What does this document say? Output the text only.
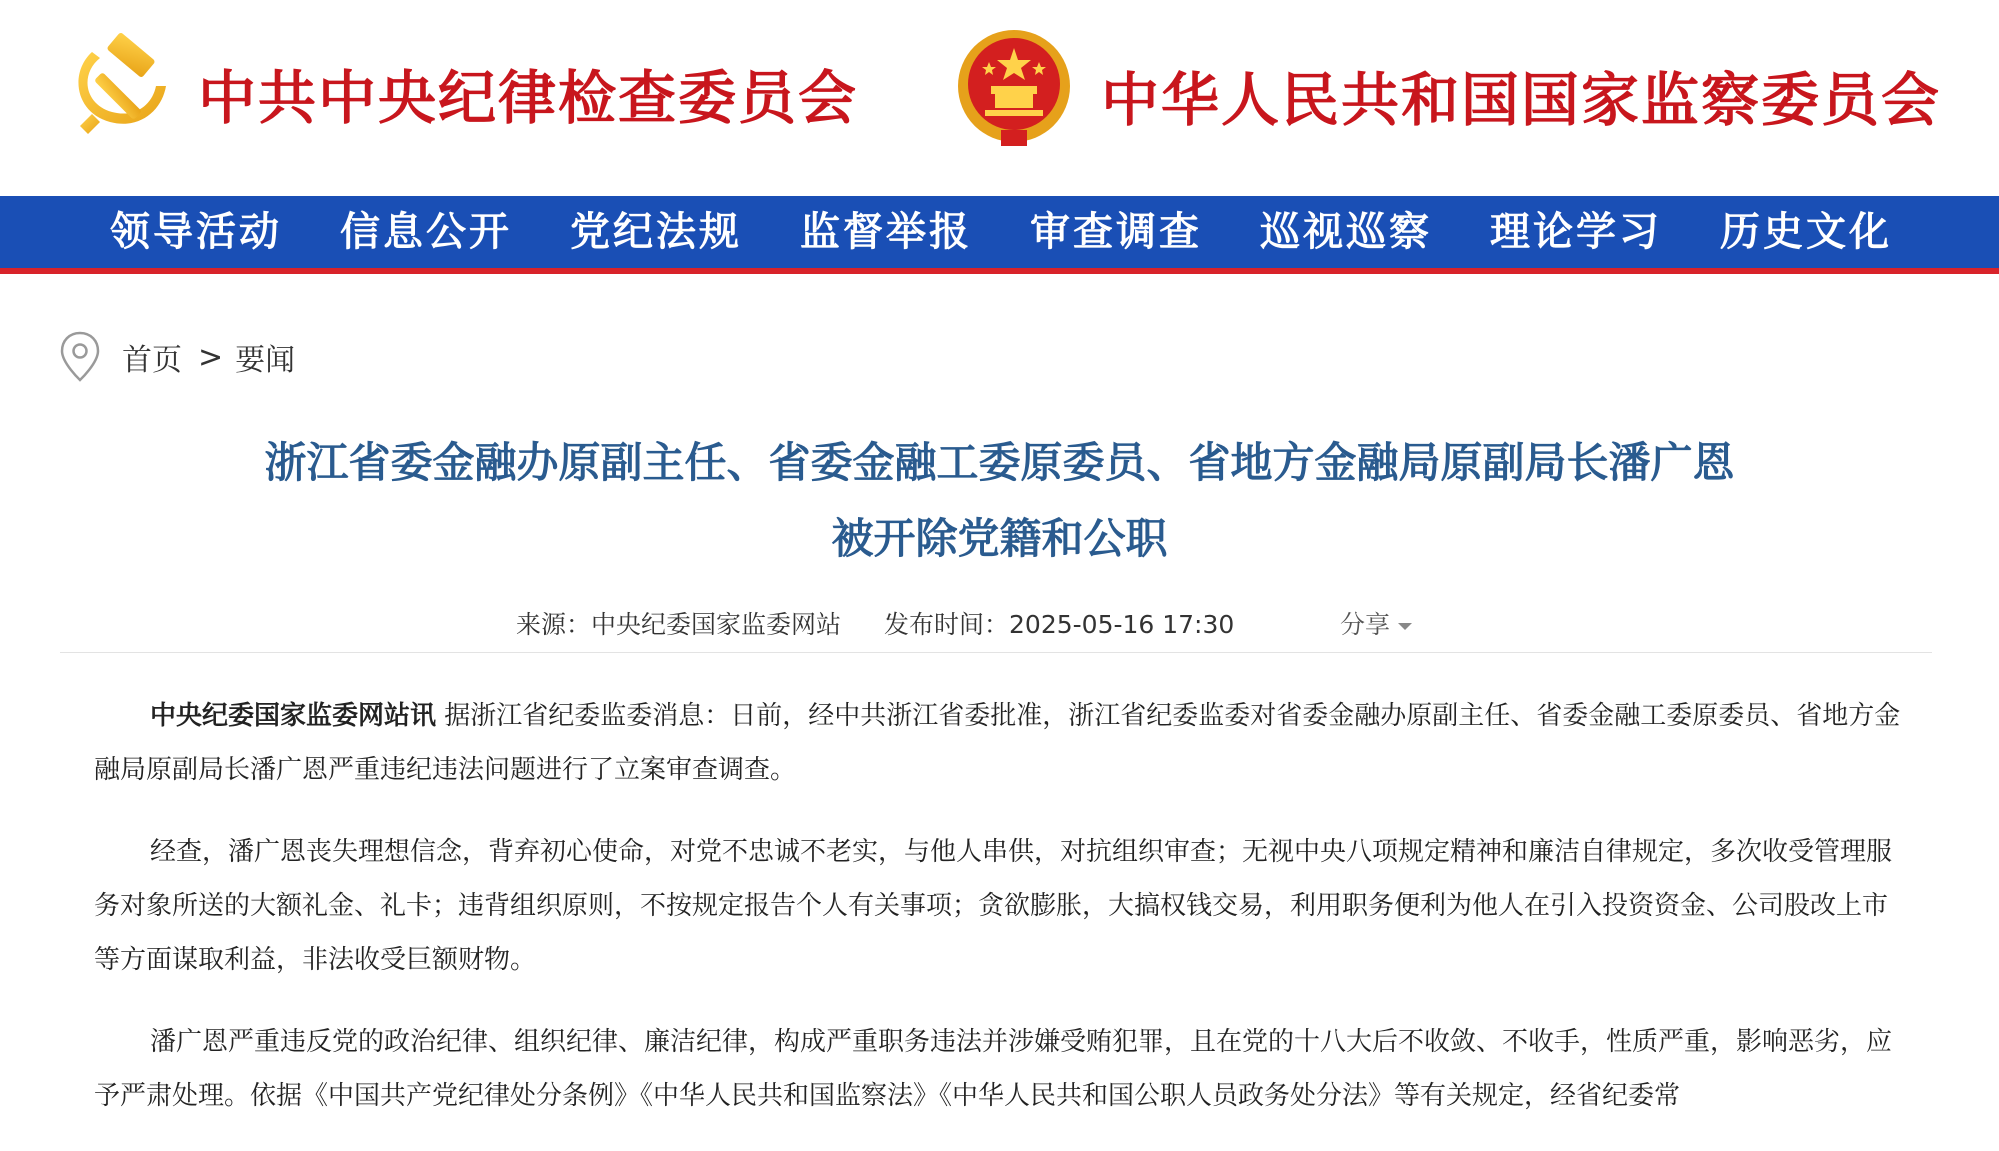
中共中央纪律检查委员会	中华人民共和国国家监察委员会
领导活动	信息公开	党纪法规	监督举报	审查调查	巡视巡察	理论学习	历史文化
首页 > 要闻
浙江省委金融办原副主任、省委金融工委原委员、省地方金融局原副局长潘广恩
被开除党籍和公职
来源：中央纪委国家监委网站 发布时间：2025-05-16 17:30	分享

中央纪委国家监委网站讯 据浙江省纪委监委消息：日前，经中共浙江省委批准，浙江省纪委监委对省委金融办原副主任、省委金融工委原委员、省地方金融局原副局长潘广恩严重违纪违法问题进行了立案审查调查。

经查，潘广恩丧失理想信念，背弃初心使命，对党不忠诚不老实，与他人串供，对抗组织审查；无视中央八项规定精神和廉洁自律规定，多次收受管理服务对象所送的大额礼金、礼卡；违背组织原则，不按规定报告个人有关事项；贪欲膨胀，大搞权钱交易，利用职务便利为他人在引入投资资金、公司股改上市等方面谋取利益，非法收受巨额财物。

潘广恩严重违反党的政治纪律、组织纪律、廉洁纪律，构成严重职务违法并涉嫌受贿犯罪，且在党的十八大后不收敛、不收手，性质严重，影响恶劣，应予严肃处理。依据《中国共产党纪律处分条例》《中华人民共和国监察法》《中华人民共和国公职人员政务处分法》等有关规定，经省纪委常
